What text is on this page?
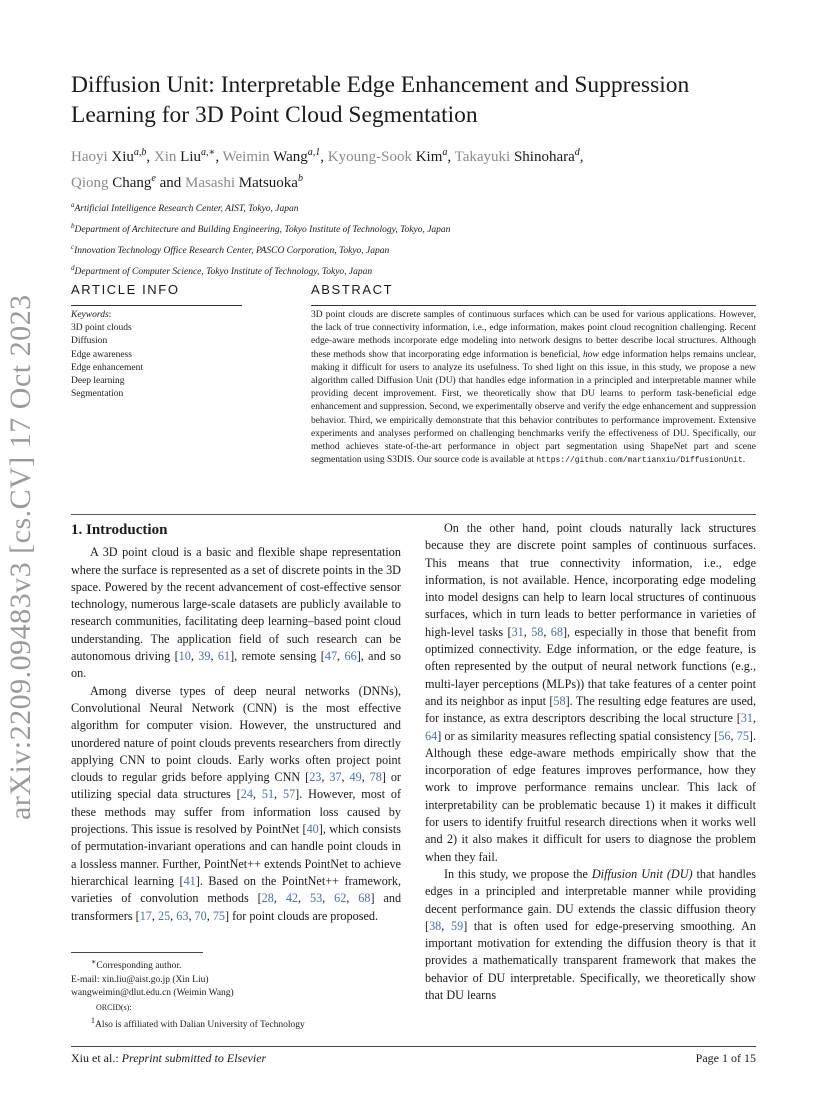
Diffusion Unit: Interpretable Edge Enhancement and Suppression Learning for 3D Point Cloud Segmentation
Haoyi Xiu$^{a,b}$, Xin Liu$^{a,∗}$, Weimin Wang$^{a,1}$, Kyoung-Sook Kim$^a$, Takayuki Shinohara$^d$,
Qiong Chang$^e$ and Masashi Matsuoka$^b$
$^a$Artificial Intelligence Research Center, AIST, Tokyo, Japan
$^b$Department of Architecture and Building Engineering, Tokyo Institute of Technology, Tokyo, Japan
$^c$Innovation Technology Office Research Center, PASCO Corporation, Tokyo, Japan
$^d$Department of Computer Science, Tokyo Institute of Technology, Tokyo, Japan
ARTICLE INFO
Keywords:
3D point clouds
Diffusion
Edge awareness
Edge enhancement
Deep learning
Segmentation
ABSTRACT
3D point clouds are discrete samples of continuous surfaces which can be used for various applications. However, the lack of true connectivity information, i.e., edge information, makes point cloud recognition challenging. Recent edge-aware methods incorporate edge modeling into network designs to better describe local structures. Although these methods show that incorporating edge information is beneficial, how edge information helps remains unclear, making it difficult for users to analyze its usefulness. To shed light on this issue, in this study, we propose a new algorithm called Diffusion Unit (DU) that handles edge information in a principled and interpretable manner while providing decent improvement. First, we theoretically show that DU learns to perform task-beneficial edge enhancement and suppression. Second, we experimentally observe and verify the edge enhancement and suppression behavior. Third, we empirically demonstrate that this behavior contributes to performance improvement. Extensive experiments and analyses performed on challenging benchmarks verify the effectiveness of DU. Specifically, our method achieves state-of-the-art performance in object part segmentation using ShapeNet part and scene segmentation using S3DIS. Our source code is available at https://github.com/martianxiu/DiffusionUnit.
arXiv:2209.09483v3 [cs.CV] 17 Oct 2023	1. Introduction

A 3D point cloud is a basic and flexible shape representation where the surface is represented as a set of discrete points in the 3D space. Powered by the recent advancement of cost-effective sensor technology, numerous large-scale datasets are publicly available to research communities, facilitating deep learning–based point cloud understanding. The application field of such research can be autonomous driving [10, 39, 61], remote sensing [47, 66], and so on.

Among diverse types of deep neural networks (DNNs), Convolutional Neural Network (CNN) is the most effective algorithm for computer vision. However, the unstructured and unordered nature of point clouds prevents researchers from directly applying CNN to point clouds. Early works often project point clouds to regular grids before applying CNN [23, 37, 49, 78] or utilizing special data structures [24, 51, 57]. However, most of these methods may suffer from information loss caused by projections. This issue is resolved by PointNet [40], which consists of permutation-invariant operations and can handle point clouds in a lossless manner. Further, PointNet++ extends PointNet to achieve hierarchical learning [41]. Based on the PointNet++ framework, varieties of convolution methods [28, 42, 53, 62, 68] and transformers [17, 25, 63, 70, 75] for point clouds are proposed.

∗Corresponding author.
E-mail: xin.liu@aist.go.jp (Xin Liu)
wangweimin@dlut.edu.cn (Weimin Wang)
ORCID(s):
$^1$Also is affiliated with Dalian University of Technology

On the other hand, point clouds naturally lack structures because they are discrete point samples of continuous surfaces. This means that true connectivity information, i.e., edge information, is not available. Hence, incorporating edge modeling into model designs can help to learn local structures of continuous surfaces, which in turn leads to better performance in varieties of high-level tasks [31, 58, 68], especially in those that benefit from optimized connectivity. Edge information, or the edge feature, is often represented by the output of neural network functions (e.g., multi-layer perceptions (MLPs)) that take features of a center point and its neighbor as input [58]. The resulting edge features are used, for instance, as extra descriptors describing the local structure [31, 64] or as similarity measures reflecting spatial consistency [56, 75]. Although these edge-aware methods empirically show that the incorporation of edge features improves performance, how they work to improve performance remains unclear. This lack of interpretability can be problematic because 1) it makes it difficult for users to identify fruitful research directions when it works well and 2) it also makes it difficult for users to diagnose the problem when they fail.

In this study, we propose the Diffusion Unit (DU) that handles edges in a principled and interpretable manner while providing decent performance gain. DU extends the classic diffusion theory [38, 59] that is often used for edge-preserving smoothing. An important motivation for extending the diffusion theory is that it provides a mathematically transparent framework that makes the behavior of DU interpretable. Specifically, we theoretically show that DU learns

Xiu et al.: Preprint submitted to Elsevier	Page 1 of 15
